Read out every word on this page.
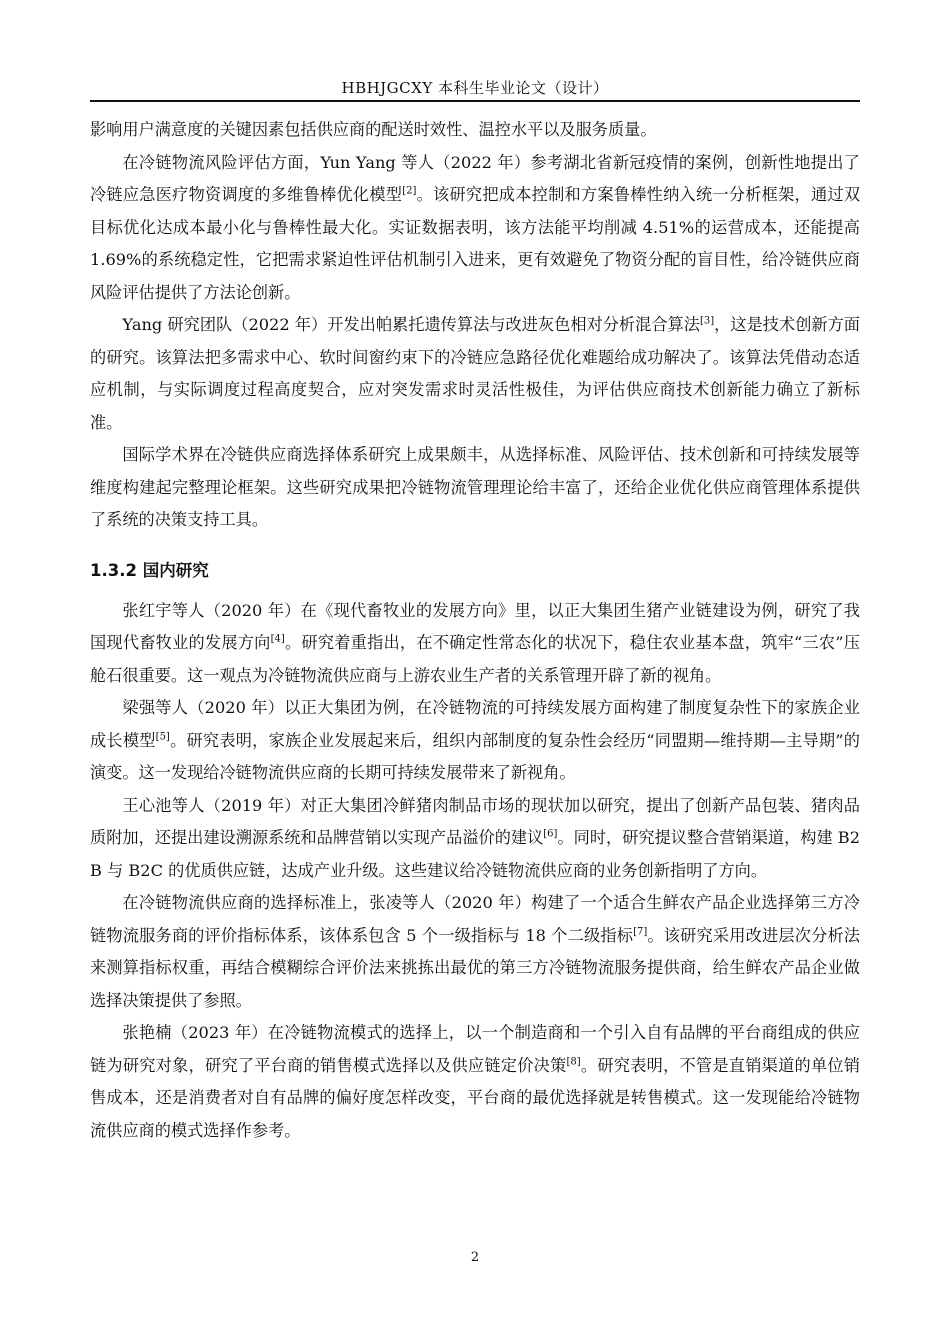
HBHJGCXY 本科生毕业论文（设计）

影响用户满意度的关键因素包括供应商的配送时效性、温控水平以及服务质量。

在冷链物流风险评估方面，Yun Yang 等人（2022 年）参考湖北省新冠疫情的案例，创新性地提出了冷链应急医疗物资调度的多维鲁棒优化模型[2]。该研究把成本控制和方案鲁棒性纳入统一分析框架，通过双目标优化达成本最小化与鲁棒性最大化。实证数据表明，该方法能平均削减 4.51%的运营成本，还能提高 1.69%的系统稳定性，它把需求紧迫性评估机制引入进来，更有效避免了物资分配的盲目性，给冷链供应商风险评估提供了方法论创新。

Yang 研究团队（2022 年）开发出帕累托遗传算法与改进灰色相对分析混合算法[3]，这是技术创新方面的研究。该算法把多需求中心、软时间窗约束下的冷链应急路径优化难题给成功解决了。该算法凭借动态适应机制，与实际调度过程高度契合，应对突发需求时灵活性极佳，为评估供应商技术创新能力确立了新标准。

国际学术界在冷链供应商选择体系研究上成果颇丰，从选择标准、风险评估、技术创新和可持续发展等维度构建起完整理论框架。这些研究成果把冷链物流管理理论给丰富了，还给企业优化供应商管理体系提供了系统的决策支持工具。

1.3.2 国内研究

张红宇等人（2020 年）在《现代畜牧业的发展方向》里，以正大集团生猪产业链建设为例，研究了我国现代畜牧业的发展方向[4]。研究着重指出，在不确定性常态化的状况下，稳住农业基本盘，筑牢“三农”压舱石很重要。这一观点为冷链物流供应商与上游农业生产者的关系管理开辟了新的视角。

梁强等人（2020 年）以正大集团为例，在冷链物流的可持续发展方面构建了制度复杂性下的家族企业成长模型[5]。研究表明，家族企业发展起来后，组织内部制度的复杂性会经历“同盟期—维持期—主导期”的演变。这一发现给冷链物流供应商的长期可持续发展带来了新视角。

王心池等人（2019 年）对正大集团冷鲜猪肉制品市场的现状加以研究，提出了创新产品包装、猪肉品质附加，还提出建设溯源系统和品牌营销以实现产品溢价的建议[6]。同时，研究提议整合营销渠道，构建 B2B 与 B2C 的优质供应链，达成产业升级。这些建议给冷链物流供应商的业务创新指明了方向。

在冷链物流供应商的选择标准上，张凌等人（2020 年）构建了一个适合生鲜农产品企业选择第三方冷链物流服务商的评价指标体系，该体系包含 5 个一级指标与 18 个二级指标[7]。该研究采用改进层次分析法来测算指标权重，再结合模糊综合评价法来挑拣出最优的第三方冷链物流服务提供商，给生鲜农产品企业做选择决策提供了参照。

张艳楠（2023 年）在冷链物流模式的选择上，以一个制造商和一个引入自有品牌的平台商组成的供应链为研究对象，研究了平台商的销售模式选择以及供应链定价决策[8]。研究表明，不管是直销渠道的单位销售成本，还是消费者对自有品牌的偏好度怎样改变，平台商的最优选择就是转售模式。这一发现能给冷链物流供应商的模式选择作参考。

2
